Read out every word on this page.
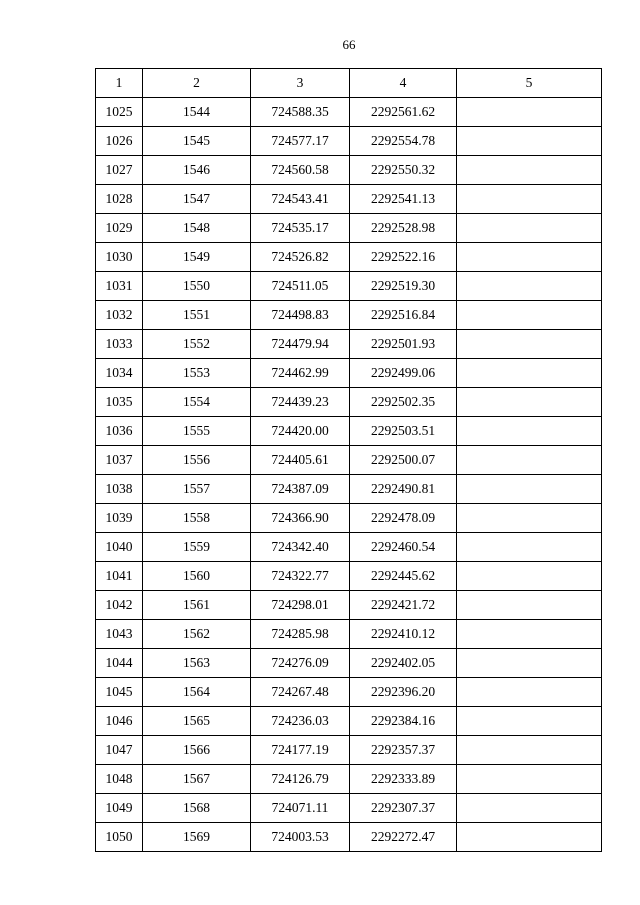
66
1	2	3	4	5
1025	1544	724588.35	2292561.62	
1026	1545	724577.17	2292554.78	
1027	1546	724560.58	2292550.32	
1028	1547	724543.41	2292541.13	
1029	1548	724535.17	2292528.98	
1030	1549	724526.82	2292522.16	
1031	1550	724511.05	2292519.30	
1032	1551	724498.83	2292516.84	
1033	1552	724479.94	2292501.93	
1034	1553	724462.99	2292499.06	
1035	1554	724439.23	2292502.35	
1036	1555	724420.00	2292503.51	
1037	1556	724405.61	2292500.07	
1038	1557	724387.09	2292490.81	
1039	1558	724366.90	2292478.09	
1040	1559	724342.40	2292460.54	
1041	1560	724322.77	2292445.62	
1042	1561	724298.01	2292421.72	
1043	1562	724285.98	2292410.12	
1044	1563	724276.09	2292402.05	
1045	1564	724267.48	2292396.20	
1046	1565	724236.03	2292384.16	
1047	1566	724177.19	2292357.37	
1048	1567	724126.79	2292333.89	
1049	1568	724071.11	2292307.37	
1050	1569	724003.53	2292272.47	
